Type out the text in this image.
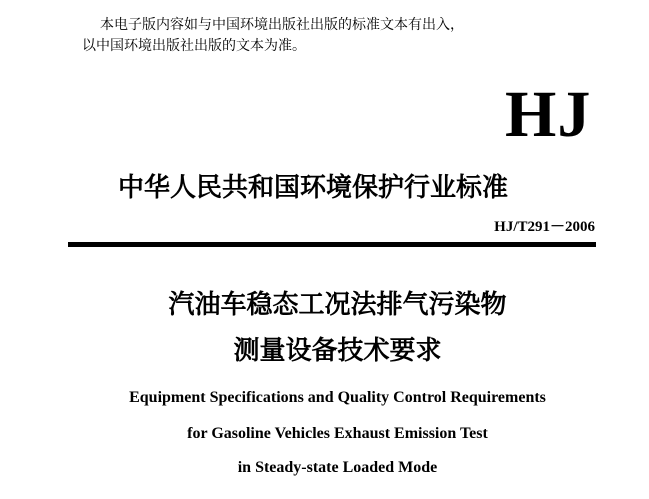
本电子版内容如与中国环境出版社出版的标准文本有出入，
以中国环境出版社出版的文本为准。
HJ
中华人民共和国环境保护行业标准
HJ/T291－2006
汽油车稳态工况法排气污染物
测量设备技术要求
Equipment Specifications and Quality Control Requirements
for Gasoline Vehicles Exhaust Emission Test
in Steady-state Loaded Mode
